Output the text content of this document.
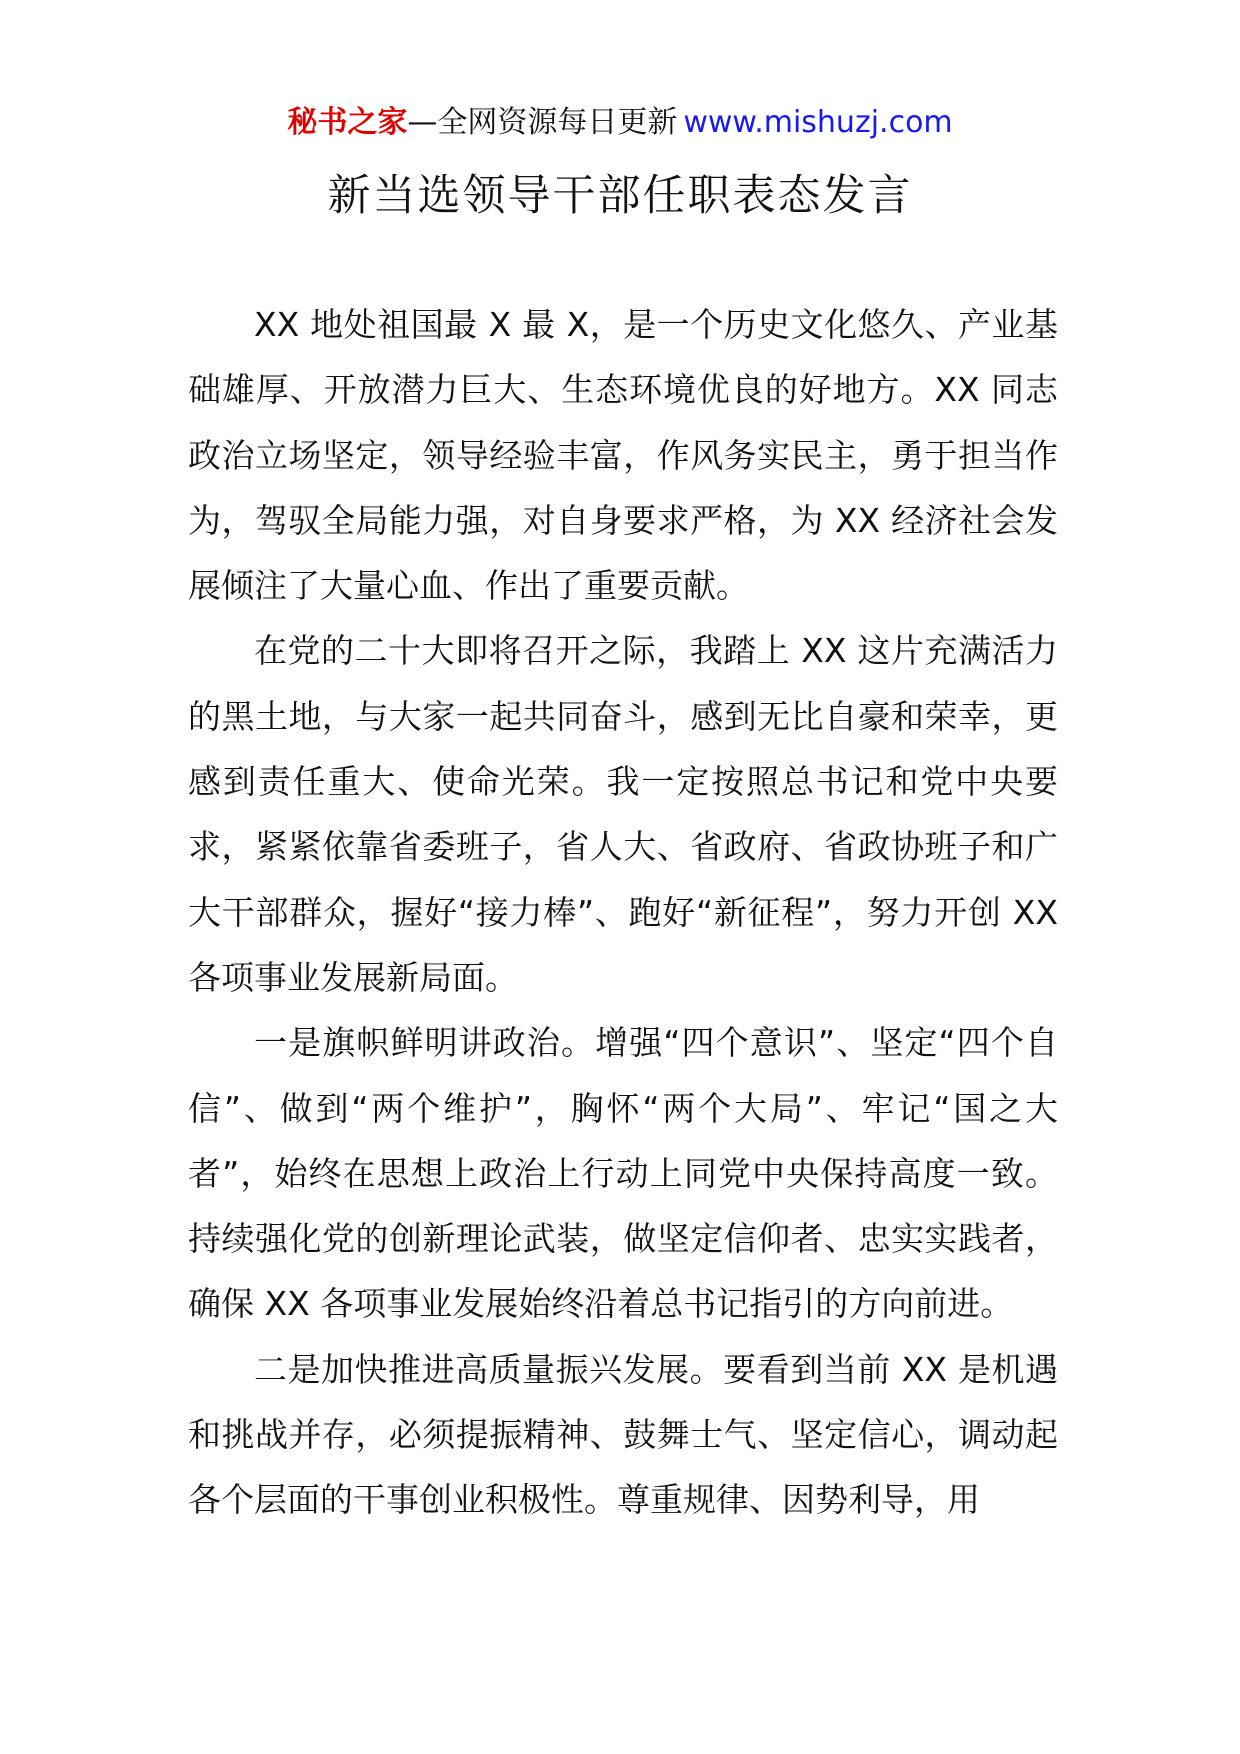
秘书之家—全网资源每日更新 www.mishuzj.com
新当选领导干部任职表态发言

XX 地处祖国最 X 最 X，是一个历史文化悠久、产业基础雄厚、开放潜力巨大、生态环境优良的好地方。XX 同志政治立场坚定，领导经验丰富，作风务实民主，勇于担当作为，驾驭全局能力强，对自身要求严格，为 XX 经济社会发展倾注了大量心血、作出了重要贡献。

在党的二十大即将召开之际，我踏上 XX 这片充满活力的黑土地，与大家一起共同奋斗，感到无比自豪和荣幸，更感到责任重大、使命光荣。我一定按照总书记和党中央要求，紧紧依靠省委班子，省人大、省政府、省政协班子和广大干部群众，握好“接力棒”、跑好“新征程”，努力开创 XX 各项事业发展新局面。

一是旗帜鲜明讲政治。增强“四个意识”、坚定“四个自信”、做到“两个维护”，胸怀“两个大局”、牢记“国之大者”，始终在思想上政治上行动上同党中央保持高度一致。持续强化党的创新理论武装，做坚定信仰者、忠实实践者，确保 XX 各项事业发展始终沿着总书记指引的方向前进。

二是加快推进高质量振兴发展。要看到当前 XX 是机遇和挑战并存，必须提振精神、鼓舞士气、坚定信心，调动起各个层面的干事创业积极性。尊重规律、因势利导，用
